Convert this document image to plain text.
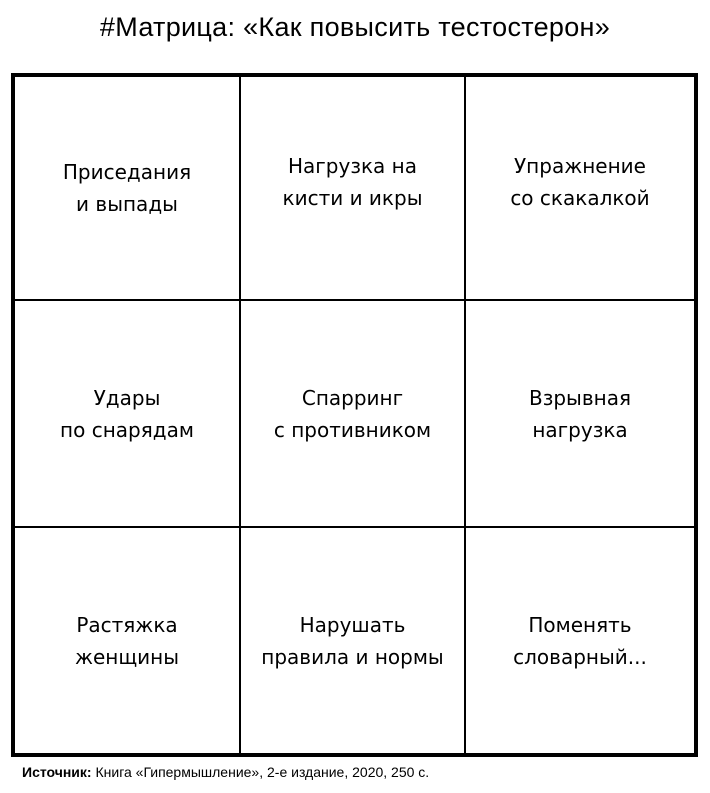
#Матрица: «Как повысить тестостерон»
Приседания
и выпады
Нагрузка на
кисти и икры
Упражнение
со скакалкой
Удары
по снарядам
Спарринг
с противником
Взрывная
нагрузка
Растяжка
женщины
Нарушать
правила и нормы
Поменять
словарный...
Источник: Книга «Гипермышление», 2-е издание, 2020, 250 с.
